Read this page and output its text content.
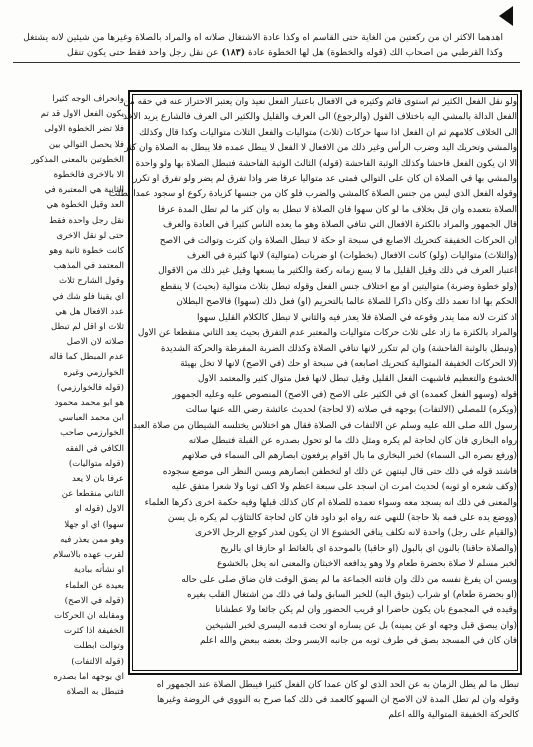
اهدهما الاكثر ان من ركعتين من الغاية حتى القاسم اه وكذا عادة الاشتغال صلاته اه والمراد بالصلاة وغيرها من شيئين لانه يشتغل
وكذا القرطبي من اصحاب الك (قوله والخطوة) هل لها الخطوة عادة (١٨٣) عن نقل رجل واحد فقط حتى يكون تنقل
ولو نقل الفعل الكثير ثم استوى قائم وكثيره في الافعال باعتبار الفعل نعيذ وان يعتبر الاحتراز عنه في حقه من
الفعل الدالة بالمشي اليه باختلاف القول (والرجوع) الى العرف والقليل والكثير الى العرف فالشارع يريد الاخذ
الى الخلاف كلامهم ثم ان الفعل اذا سها حركات (ثلاث) متواليات والفعل الثلاث متواليات وكذا قال وكذلك
والمشي وتحريك اليد وضرب الرأس وغير ذلك من الافعال لا الفعل لا يبطل عمده فلا يبطل به الصلاة وان كثر
الا ان يكون الفعل فاحشا وكذلك الوثبة الفاحشة (قوله) الثالث الوثبة الفاحشة فتبطل الصلاة بها ولو واحدة
والمشي بها في الصلاة ان كان على التوالي فمتى عد متواليا عرفا ضر واذا تفرق لم يضر ولو تفرق او تكرر
وقوله الفعل الذي ليس من جنس الصلاة كالمشي والضرب فلو كان من جنسها كزيادة ركوع او سجود عمدا بطلت
الصلاة بتعمده وان قل بخلاف ما لو كان سهوا فان الصلاة لا تبطل به وان كثر ما لم تطل المدة عرفا
قال الجمهور والمراد بالكثرة الافعال التي تنافي الصلاة وهو ما يعده الناس كثيرا في العادة والعرف
ان الحركات الخفيفة كتحريك الاصابع في سبحة او حكة لا تبطل الصلاة وان كثرت وتوالت في الاصح
(والثلاث) متواليات (ولو) كانت الافعال (بخطوات) او ضربات (متوالية) لانها كثيرة في العرف
اعتبار العرف في ذلك وقيل القليل ما لا يسع زمانه ركعة والكثير ما يسعها وقيل غير ذلك من الاقوال
(ولو خطوة وضربة) متواليتين او مع اختلاف جنس الفعل وقوله تبطل بثلاث متوالية (بحيث) لا ينقطع
الحكم بها اذا تعمد ذلك وكان ذاكرا للصلاة عالما بالتحريم (او) فعل ذلك (سهوا) فالاصح البطلان
اذ كثرت لانه مما يندر وقوعه في الصلاة فلا يعذر فيه والثاني لا تبطل كالكلام القليل سهوا
والمراد بالكثرة ما زاد على ثلاث حركات متواليات والمعتبر عدم التفرق بحيث يعد الثاني منقطعا عن الاول
(وتبطل بالوثبة الفاحشة) وان لم تتكرر لانها تنافي الصلاة وكذلك الضربة المفرطة والحركة الشديدة
(لا الحركات الخفيفة المتوالية كتحريك اصابعه) في سبحة او حك (في الاصح) لانها لا تخل بهيئة
الخشوع والتعظيم فاشبهت الفعل القليل وقيل تبطل لانها فعل متوال كثير والمعتمد الاول
قوله (وسهو الفعل كعمده) اي في الكثير على الاصح (في الاصح) المنصوص عليه وعليه الجمهور
(ويكره) للمصلي (الالتفات) بوجهه في صلاته (لا لحاجة) لحديث عائشة رضي الله عنها سالت
رسول الله صلى الله عليه وسلم عن الالتفات في الصلاة فقال هو اختلاس يختلسه الشيطان من صلاة العبد
رواه البخاري فان كان لحاجة لم يكره ومثل ذلك ما لو تحول بصدره عن القبلة فتبطل صلاته
(ورفع بصره الى السماء) لخبر البخاري ما بال اقوام يرفعون ابصارهم الى السماء في صلاتهم
فاشتد قوله في ذلك حتى قال لينتهن عن ذلك او لتخطفن ابصارهم ويسن النظر الى موضع سجوده
(وكف شعره او ثوبه) لحديث امرت ان اسجد على سبعة اعظم ولا اكف ثوبا ولا شعرا متفق عليه
والمعنى في ذلك انه يسجد معه وسواء تعمده للصلاة ام كان كذلك قبلها وفيه حكمة اخرى ذكرها العلماء
(ووضع يده على فمه بلا حاجة) للنهي عنه رواه ابو داود فان كان لحاجة كالتثاؤب لم يكره بل يسن
(والقيام على رجل) واحدة لانه تكلف ينافي الخشوع الا ان يكون لعذر كوجع الرجل الاخرى
(والصلاة حاقنا) بالنون اي بالبول (او حاقبا) بالموحدة اي بالغائط او حازقا اي بالريح
لخبر مسلم لا صلاة بحضرة طعام ولا وهو يدافعه الاخبثان والمعنى انه يخل بالخشوع
ويسن ان يفرغ نفسه من ذلك وان فاتته الجماعة ما لم يضق الوقت فان ضاق صلى على حاله
(او بحضرة طعام) او شراب (يتوق اليه) للخبر السابق ولما في ذلك من اشتغال القلب بغيره
وقيده في المجموع بان يكون حاضرا او قريب الحضور وان لم يكن جائعا ولا عطشانا
(وان يبصق قبل وجهه او عن يمينه) بل عن يساره او تحت قدمه اليسرى لخبر الشيخين
فان كان في المسجد بصق في طرف ثوبه من جانبه الايسر وحك بعضه ببعض والله اعلم
وانحراف الوجه كثيرا
يكون الفعل الاول قد تم
فلا تضر الخطوة الاولى
فلا يحصل التوالي بين
الخطوتين بالمعنى المذكور
الا بالاخرى فالخطوة
الثانية هي المعتبرة في
العد وقيل الخطوة هي
نقل رجل واحدة فقط
حتى لو نقل الاخرى
كانت خطوة ثانية وهو
المعتمد في المذهب
وقول الشارح ثلاث
اي يقينا فلو شك في
عدد الافعال هل هي
ثلاث او اقل لم تبطل
صلاته لان الاصل
عدم المبطل كما قاله
الخوارزمي وغيره
(قوله فالخوارزمي)
هو ابو محمد محمود
ابن محمد العباسي
الخوارزمي صاحب
الكافي في الفقه
(قوله متواليات)
عرفا بان لا يعد
الثاني منقطعا عن
الاول (قوله او
سهوا) اي او جهلا
وهو ممن يعذر فيه
لقرب عهده بالاسلام
او نشأته ببادية
بعيدة عن العلماء
(قوله في الاصح)
ومقابله ان الحركات
الخفيفة اذا كثرت
وتوالت ابطلت
(قوله الالتفات)
اي بوجهه اما بصدره
فتبطل به الصلاة
تبطل ما لم يطل الزمان به عن الحد الذي لو كان عمدا كان الفعل كثيرا فيبطل الصلاة عند الجمهور اه
وقوله وان لم تطل المدة لان الاصح ان السهو كالعمد في ذلك كما صرح به النووي في الروضة وغيرها
كالحركة الخفيفة المتوالية والله اعلم
